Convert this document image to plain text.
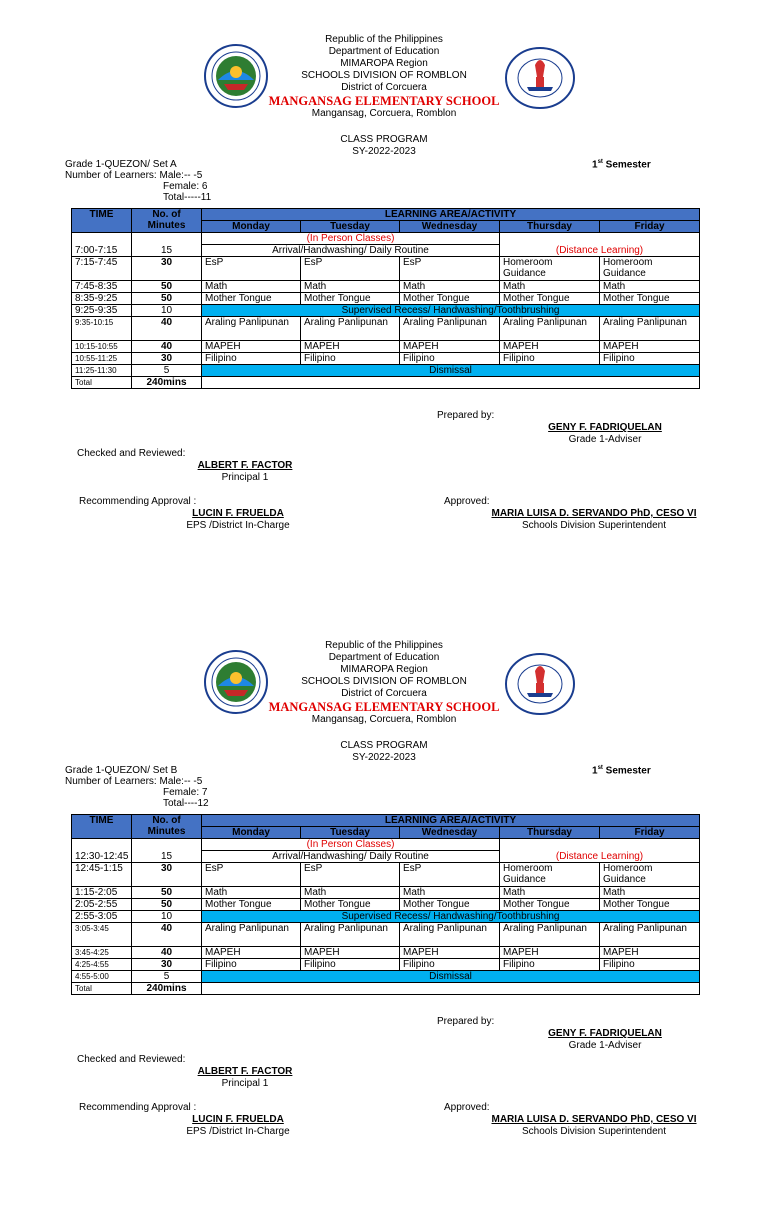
Republic of the Philippines
Department of Education
MIMAROPA Region
SCHOOLS DIVISION OF ROMBLON
District of Corcuera
MANGANSAG ELEMENTARY SCHOOL
Mangansag, Corcuera, Romblon
CLASS PROGRAM
SY-2022-2023
Grade 1-QUEZON/ Set A
Number of Learners: Male:-- -5
Female: 6
Total-----11
1st Semester
TIME	No. of Minutes	LEARNING AREA/ACTIVITY				
		Monday	Tuesday	Wednesday	Thursday	Friday
7:00-7:15	15	(In Person Classes)			(Distance Learning)	
		Arrival/Handwashing/ Daily Routine				
7:15-7:45	30	EsP	EsP	EsP	Homeroom Guidance	Homeroom Guidance
7:45-8:35	50	Math	Math	Math	Math	Math
8:35-9:25	50	Mother Tongue	Mother Tongue	Mother Tongue	Mother Tongue	Mother Tongue
9:25-9:35	10	Supervised Recess/ Handwashing/Toothbrushing				
9:35-10:15	40	Araling Panlipunan	Araling Panlipunan	Araling Panlipunan	Araling Panlipunan	Araling Panlipunan
10:15-10:55	40	MAPEH	MAPEH	MAPEH	MAPEH	MAPEH
10:55-11:25	30	Filipino	Filipino	Filipino	Filipino	Filipino
11:25-11:30	5	Dismissal				
Total	240mins					
Prepared by:
GENY F. FADRIQUELAN
Grade 1-Adviser
Checked and Reviewed:
ALBERT F. FACTOR
Principal 1
Recommending Approval :
LUCIN F. FRUELDA
EPS /District In-Charge
Approved:
MARIA LUISA D. SERVANDO PhD, CESO VI
Schools Division Superintendent
Republic of the Philippines
Department of Education
MIMAROPA Region
SCHOOLS DIVISION OF ROMBLON
District of Corcuera
MANGANSAG ELEMENTARY SCHOOL
Mangansag, Corcuera, Romblon
CLASS PROGRAM
SY-2022-2023
Grade 1-QUEZON/ Set B
Number of Learners: Male:-- -5
Female: 7
Total----12
1st Semester
TIME	No. of Minutes	LEARNING AREA/ACTIVITY				
		Monday	Tuesday	Wednesday	Thursday	Friday
12:30-12:45	15	(In Person Classes)			(Distance Learning)	
		Arrival/Handwashing/ Daily Routine				
12:45-1:15	30	EsP	EsP	EsP	Homeroom Guidance	Homeroom Guidance
1:15-2:05	50	Math	Math	Math	Math	Math
2:05-2:55	50	Mother Tongue	Mother Tongue	Mother Tongue	Mother Tongue	Mother Tongue
2:55-3:05	10	Supervised Recess/ Handwashing/Toothbrushing				
3:05-3:45	40	Araling Panlipunan	Araling Panlipunan	Araling Panlipunan	Araling Panlipunan	Araling Panlipunan
3:45-4:25	40	MAPEH	MAPEH	MAPEH	MAPEH	MAPEH
4:25-4:55	30	Filipino	Filipino	Filipino	Filipino	Filipino
4:55-5:00	5	Dismissal				
Total	240mins					
Prepared by:
GENY F. FADRIQUELAN
Grade 1-Adviser
Checked and Reviewed:
ALBERT F. FACTOR
Principal 1
Recommending Approval :
LUCIN F. FRUELDA
EPS /District In-Charge
Approved:
MARIA LUISA D. SERVANDO PhD, CESO VI
Schools Division Superintendent
